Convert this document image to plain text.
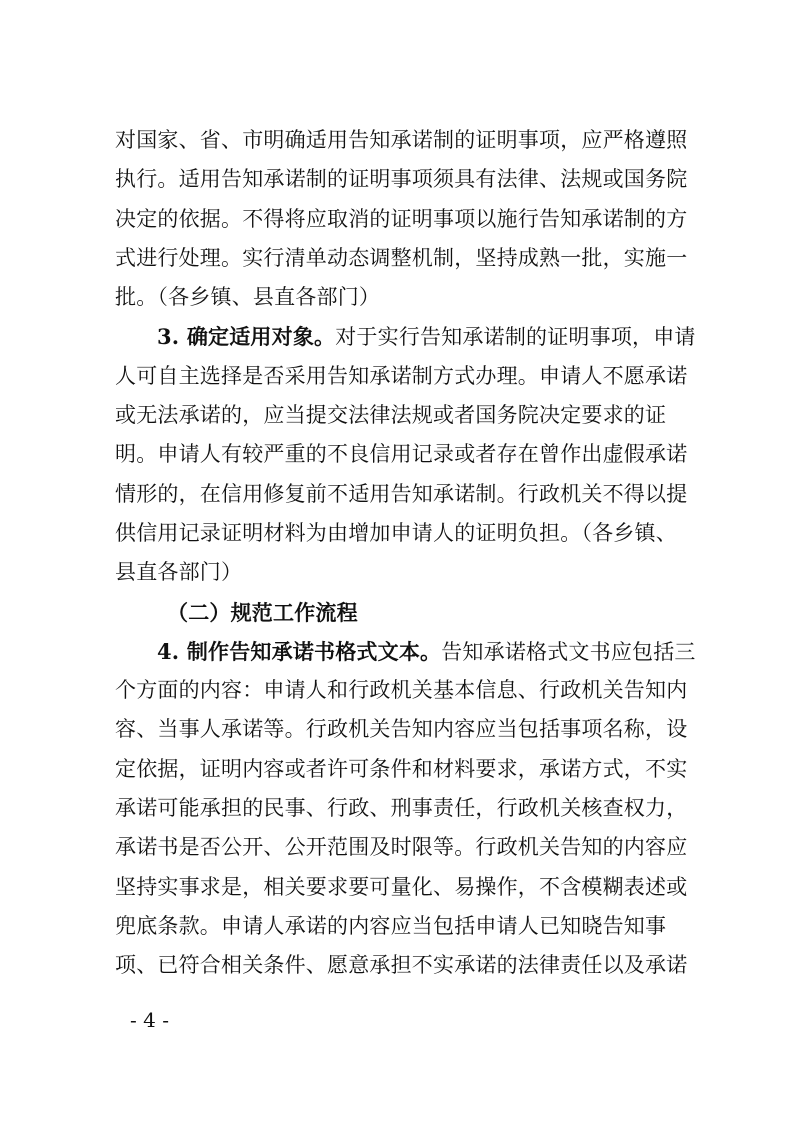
对国家、省、市明确适用告知承诺制的证明事项，应严格遵照
执行。适用告知承诺制的证明事项须具有法律、法规或国务院
决定的依据。不得将应取消的证明事项以施行告知承诺制的方
式进行处理。实行清单动态调整机制，坚持成熟一批，实施一
批。（各乡镇、县直各部门）
3. 确定适用对象。对于实行告知承诺制的证明事项，申请
人可自主选择是否采用告知承诺制方式办理。申请人不愿承诺
或无法承诺的，应当提交法律法规或者国务院决定要求的证
明。申请人有较严重的不良信用记录或者存在曾作出虚假承诺
情形的，在信用修复前不适用告知承诺制。行政机关不得以提
供信用记录证明材料为由增加申请人的证明负担。（各乡镇、
县直各部门）
（二）规范工作流程
4. 制作告知承诺书格式文本。告知承诺格式文书应包括三
个方面的内容：申请人和行政机关基本信息、行政机关告知内
容、当事人承诺等。行政机关告知内容应当包括事项名称，设
定依据，证明内容或者许可条件和材料要求，承诺方式，不实
承诺可能承担的民事、行政、刑事责任，行政机关核查权力，
承诺书是否公开、公开范围及时限等。行政机关告知的内容应
坚持实事求是，相关要求要可量化、易操作，不含模糊表述或
兜底条款。申请人承诺的内容应当包括申请人已知晓告知事
项、已符合相关条件、愿意承担不实承诺的法律责任以及承诺
- 4 -
